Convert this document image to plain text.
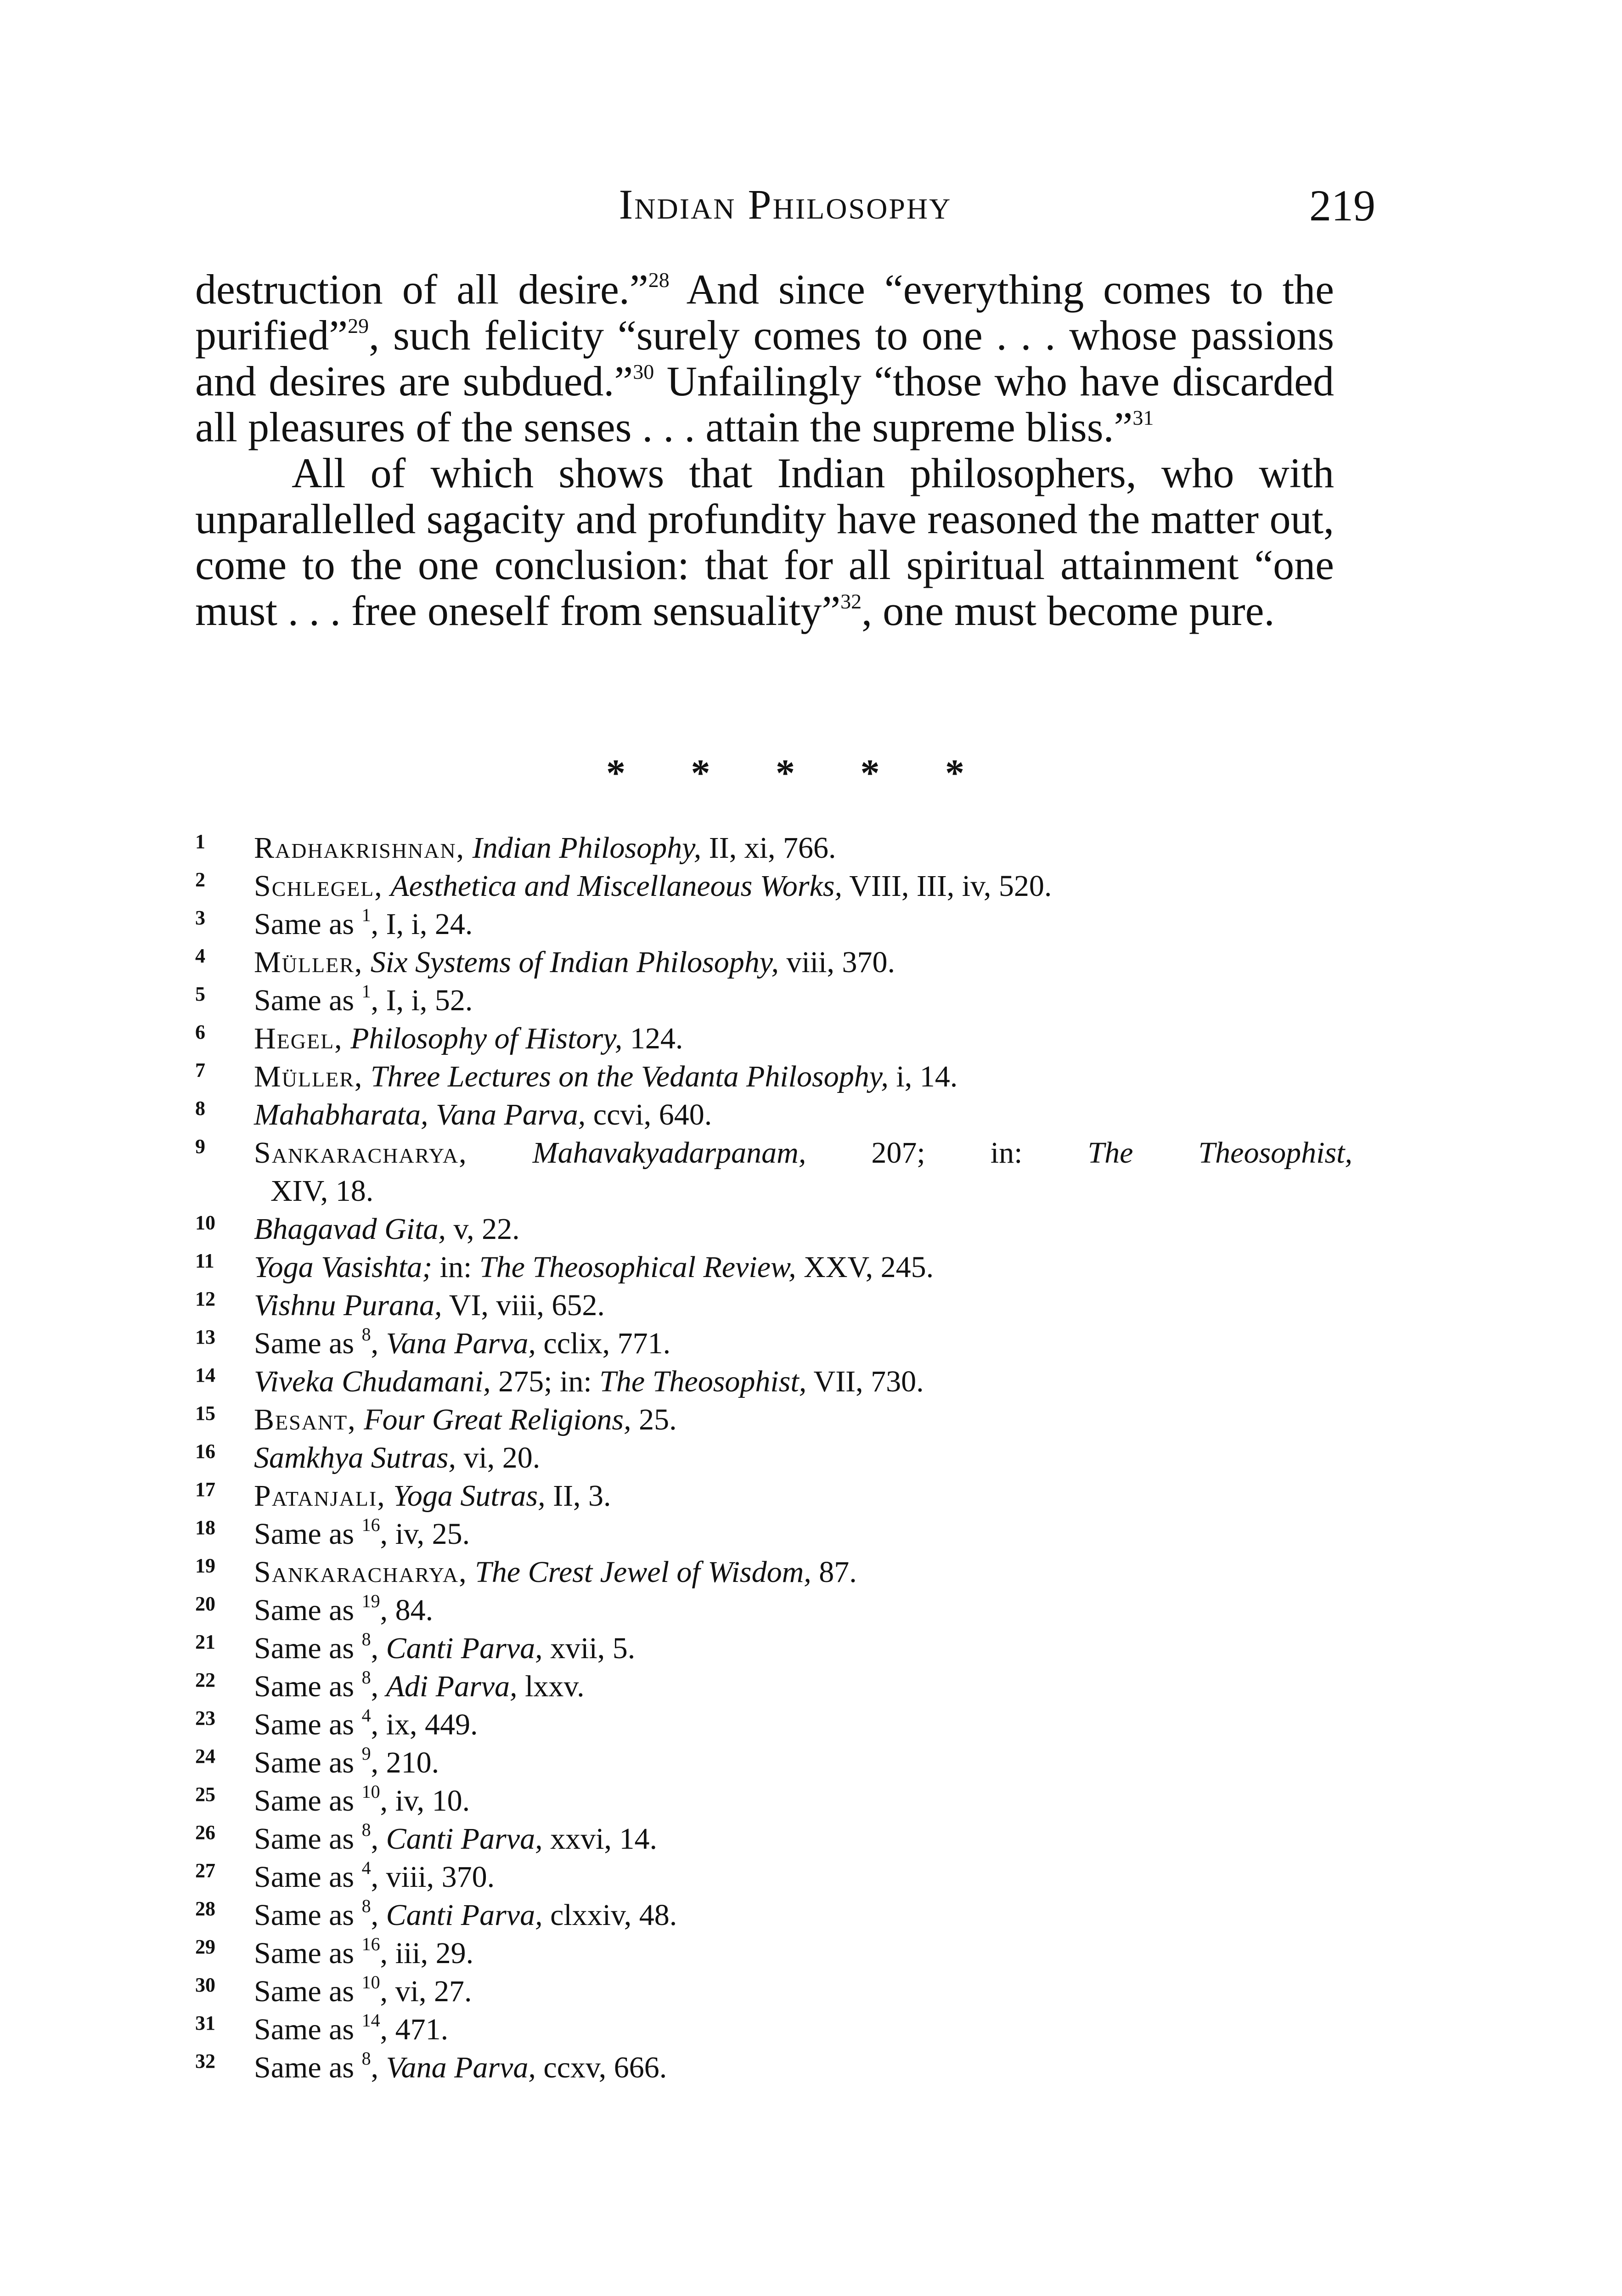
Indian Philosophy	219

destruction of all desire.”$^{28}$ And since “everything comes to the purified”$^{29}$, such felicity “surely comes to one . . . whose passions and desires are subdued.”$^{30}$ Unfailingly “those who have discarded all pleasures of the senses . . . attain the supreme bliss.”$^{31}$

All of which shows that Indian philosophers, who with unparallelled sagacity and profundity have reasoned the matter out, come to the one conclusion: that for all spiritual attainment “one must . . . free oneself from sensuality”$^{32}$, one must become pure.

* * * * *
1 Radhakrishnan, Indian Philosophy, II, xi, 766.
2 Schlegel, Aesthetica and Miscellaneous Works, VIII, III, iv, 520.
3 Same as $^1$, I, i, 24.
4 Müller, Six Systems of Indian Philosophy, viii, 370.
5 Same as $^1$, I, i, 52.
6 Hegel, Philosophy of History, 124.
7 Müller, Three Lectures on the Vedanta Philosophy, i, 14.
8 Mahabharata, Vana Parva, ccvi, 640.
9 Sankaracharya, Mahavakyadarpanam, 207; in: The Theosophist,
XIV, 18.
10 Bhagavad Gita, v, 22.
11 Yoga Vasishta; in: The Theosophical Review, XXV, 245.
12 Vishnu Purana, VI, viii, 652.
13 Same as $^8$, Vana Parva, cclix, 771.
14 Viveka Chudamani, 275; in: The Theosophist, VII, 730.
15 Besant, Four Great Religions, 25.
16 Samkhya Sutras, vi, 20.
17 Patanjali, Yoga Sutras, II, 3.
18 Same as $^{16}$, iv, 25.
19 Sankaracharya, The Crest Jewel of Wisdom, 87.
20 Same as $^{19}$, 84.
21 Same as $^8$, Canti Parva, xvii, 5.
22 Same as $^8$, Adi Parva, lxxv.
23 Same as $^4$, ix, 449.
24 Same as $^9$, 210.
25 Same as $^{10}$, iv, 10.
26 Same as $^8$, Canti Parva, xxvi, 14.
27 Same as $^4$, viii, 370.
28 Same as $^8$, Canti Parva, clxxiv, 48.
29 Same as $^{16}$, iii, 29.
30 Same as $^{10}$, vi, 27.
31 Same as $^{14}$, 471.
32 Same as $^8$, Vana Parva, ccxv, 666.
